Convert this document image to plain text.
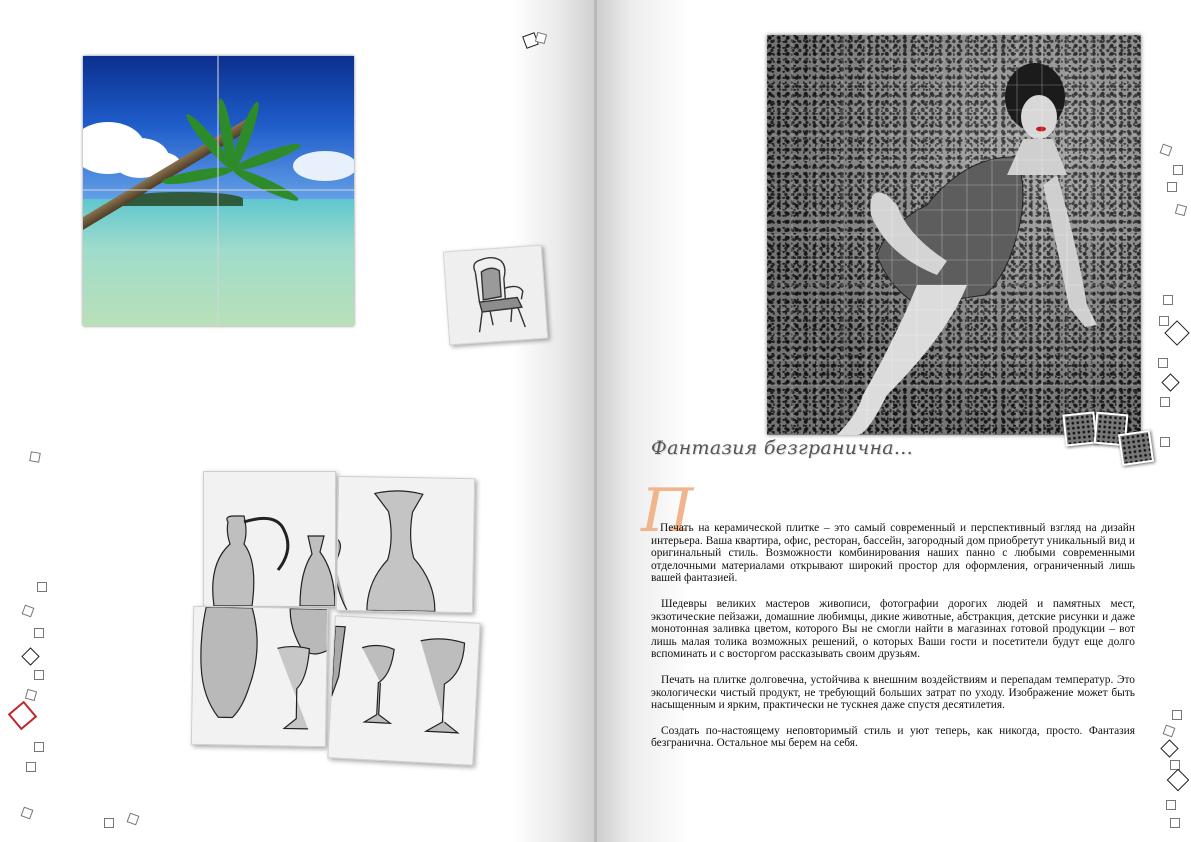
Фантазия безгранична...
П

Печать на керамической плитке – это самый современный и перспективный взгляд на дизайн интерьера. Ваша квартира, офис, ресторан, бассейн, загородный дом приобретут уникальный вид и оригинальный стиль. Возможности комбинирования наших панно с любыми современными отделочными материалами открывают широкий простор для оформления, ограниченный лишь вашей фантазией.

Шедевры великих мастеров живописи, фотографии дорогих людей и памятных мест, экзотические пейзажи, домашние любимцы, дикие животные, абстракция, детские рисунки и даже монотонная заливка цветом, которого Вы не смогли найти в магазинах готовой продукции – вот лишь малая толика возможных решений, о которых Ваши гости и посетители будут еще долго вспоминать и с восторгом рассказывать своим друзьям.

Печать на плитке долговечна, устойчива к внешним воздействиям и перепадам температур. Это экологически чистый продукт, не требующий больших затрат по уходу. Изображение может быть насыщенным и ярким, практически не тускнея даже спустя десятилетия.

Создать по-настоящему неповторимый стиль и уют теперь, как никогда, просто. Фантазия безгранична. Остальное мы берем на себя.
